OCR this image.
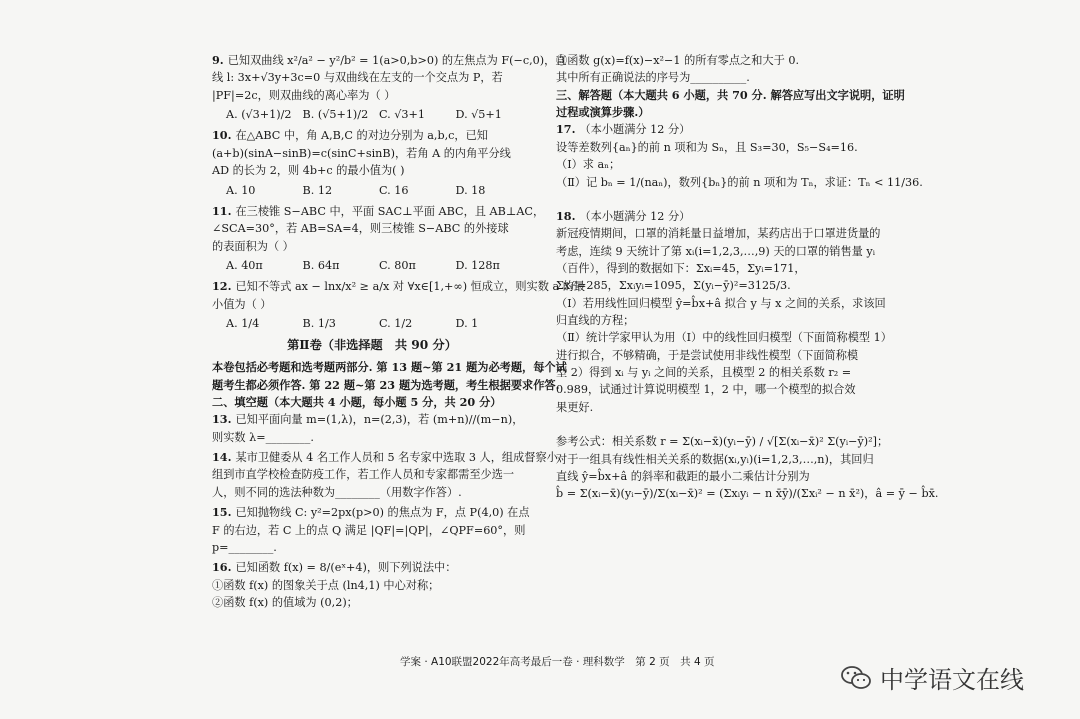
9. 已知双曲线 x²/a² − y²/b² = 1(a>0,b>0) 的左焦点为 F(−c,0)，直
线 l: 3x+√3y+3c=0 与双曲线在左支的一个交点为 P，若
|PF|=2c，则双曲线的离心率为（ ）
A. (√3+1)/2 B. (√5+1)/2 C. √3+1	D. √5+1
10. 在△ABC 中，角 A,B,C 的对边分别为 a,b,c，已知
(a+b)(sinA−sinB)=c(sinC+sinB)，若角 A 的内角平分线
AD 的长为 2，则 4b+c 的最小值为( )
A. 10	B. 12	C. 16	D. 18
11. 在三棱锥 S−ABC 中，平面 SAC⊥平面 ABC，且 AB⊥AC，
∠SCA=30°，若 AB=SA=4，则三棱锥 S−ABC 的外接球
的表面积为（ ）
A. 40π	B. 64π	C. 80π	D. 128π
12. 已知不等式 ax − lnx/x² ≥ a/x 对 ∀x∈[1,+∞) 恒成立，则实数 a 的最
小值为（ ）
A. 1/4	B. 1/3	C. 1/2	D. 1
第Ⅱ卷（非选择题　共 90 分）
本卷包括必考题和选考题两部分. 第 13 题~第 21 题为必考题，每个试
题考生都必须作答. 第 22 题~第 23 题为选考题，考生根据要求作答.
二、填空题（本大题共 4 小题，每小题 5 分，共 20 分）
13. 已知平面向量 m=(1,λ)，n=(2,3)，若 (m+n)//(m−n)，
则实数 λ=________.
14. 某市卫健委从 4 名工作人员和 5 名专家中选取 3 人，组成督察小
组到市直学校检查防疫工作，若工作人员和专家都需至少选一
人，则不同的选法种数为________（用数字作答）.
15. 已知抛物线 C: y²=2px(p>0) 的焦点为 F，点 P(4,0) 在点
F 的右边，若 C 上的点 Q 满足 |QF|=|QP|，∠QPF=60°，则
p=________.
16. 已知函数 f(x) = 8/(eˣ+4)，则下列说法中：
①函数 f(x) 的图象关于点 (ln4,1) 中心对称；
②函数 f(x) 的值域为 (0,2)；
③函数 g(x)=f(x)−x²−1 的所有零点之和大于 0.
其中所有正确说法的序号为__________.
三、解答题（本大题共 6 小题，共 70 分. 解答应写出文字说明，证明
过程或演算步骤.）
17. （本小题满分 12 分）
设等差数列{aₙ}的前 n 项和为 Sₙ，且 S₃=30，S₅−S₄=16.
（Ⅰ）求 aₙ；
（Ⅱ）记 bₙ = 1/(naₙ)，数列{bₙ}的前 n 项和为 Tₙ，求证：Tₙ < 11/36.
18. （本小题满分 12 分）
新冠疫情期间，口罩的消耗量日益增加，某药店出于口罩进货量的
考虑，连续 9 天统计了第 xᵢ(i=1,2,3,…,9) 天的口罩的销售量 yᵢ
（百件），得到的数据如下：Σxᵢ=45，Σyᵢ=171，
Σxᵢ²=285，Σxᵢyᵢ=1095，Σ(yᵢ−ȳ)²=3125/3.
（Ⅰ）若用线性回归模型 ŷ=b̂x+â 拟合 y 与 x 之间的关系，求该回
归直线的方程；
（Ⅱ）统计学家甲认为用（Ⅰ）中的线性回归模型（下面简称模型 1）
进行拟合，不够精确，于是尝试使用非线性模型（下面简称模
型 2）得到 xᵢ 与 yᵢ 之间的关系，且模型 2 的相关系数 r₂ =
0.989，试通过计算说明模型 1，2 中，哪一个模型的拟合效
果更好.
参考公式：相关系数 r = Σ(xᵢ−x̄)(yᵢ−ȳ) / √[Σ(xᵢ−x̄)² Σ(yᵢ−ȳ)²]；
对于一组具有线性相关关系的数据(xᵢ,yᵢ)(i=1,2,3,…,n)，其回归
直线 ŷ=b̂x+â 的斜率和截距的最小二乘估计分别为
b̂ = Σ(xᵢ−x̄)(yᵢ−ȳ)/Σ(xᵢ−x̄)² = (Σxᵢyᵢ − n x̄ȳ)/(Σxᵢ² − n x̄²)，â = ȳ − b̂x̄.
学案 · A10联盟2022年高考最后一卷 · 理科数学　第 2 页　共 4 页
中学语文在线
